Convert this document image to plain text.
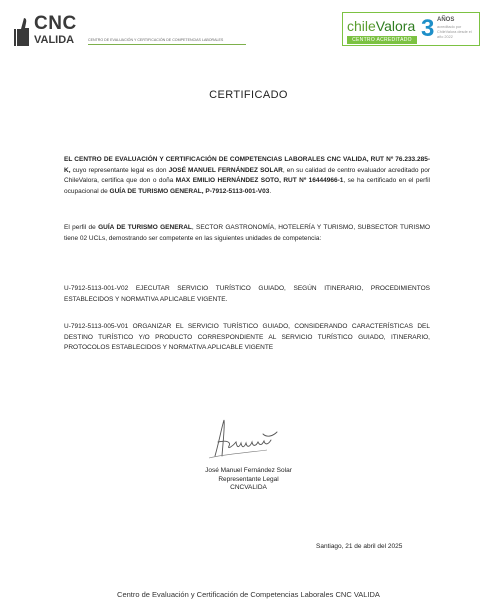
CNC
VALIDA	CENTRO DE EVALUACIÓN Y CERTIFICACIÓN DE COMPETENCIAS LABORALES
chileValora
CENTRO ACREDITADO 3 AÑOS
acreditado por ChileValora desde el año 2022
CERTIFICADO
EL CENTRO DE EVALUACIÓN Y CERTIFICACIÓN DE COMPETENCIAS LABORALES CNC VALIDA, RUT Nº 76.233.285-K, cuyo representante legal es don JOSÉ MANUEL FERNÁNDEZ SOLAR, en su calidad de centro evaluador acreditado por ChileValora, certifica que don o doña MAX EMILIO HERNÁNDEZ SOTO, RUT Nº 16444966-1, se ha certificado en el perfil ocupacional de GUÍA DE TURISMO GENERAL, P-7912-5113-001-V03.
El perfil de GUÍA DE TURISMO GENERAL, SECTOR GASTRONOMÍA, HOTELERÍA Y TURISMO, SUBSECTOR TURISMO tiene 02 UCLs, demostrando ser competente en las siguientes unidades de competencia:
U-7912-5113-001-V02 EJECUTAR SERVICIO TURÍSTICO GUIADO, SEGÚN ITINERARIO, PROCEDIMIENTOS ESTABLECIDOS Y NORMATIVA APLICABLE VIGENTE.
U-7912-5113-005-V01 ORGANIZAR EL SERVICIO TURÍSTICO GUIADO, CONSIDERANDO CARACTERÍSTICAS DEL DESTINO TURÍSTICO Y/O PRODUCTO CORRESPONDIENTE AL SERVICIO TURÍSTICO GUIADO, ITINERARIO, PROTOCOLOS ESTABLECIDOS Y NORMATIVA APLICABLE VIGENTE
José Manuel Fernández Solar
Representante Legal
CNCVALIDA
Santiago, 21 de abril del 2025
Centro de Evaluación y Certificación de Competencias Laborales CNC VALIDA
